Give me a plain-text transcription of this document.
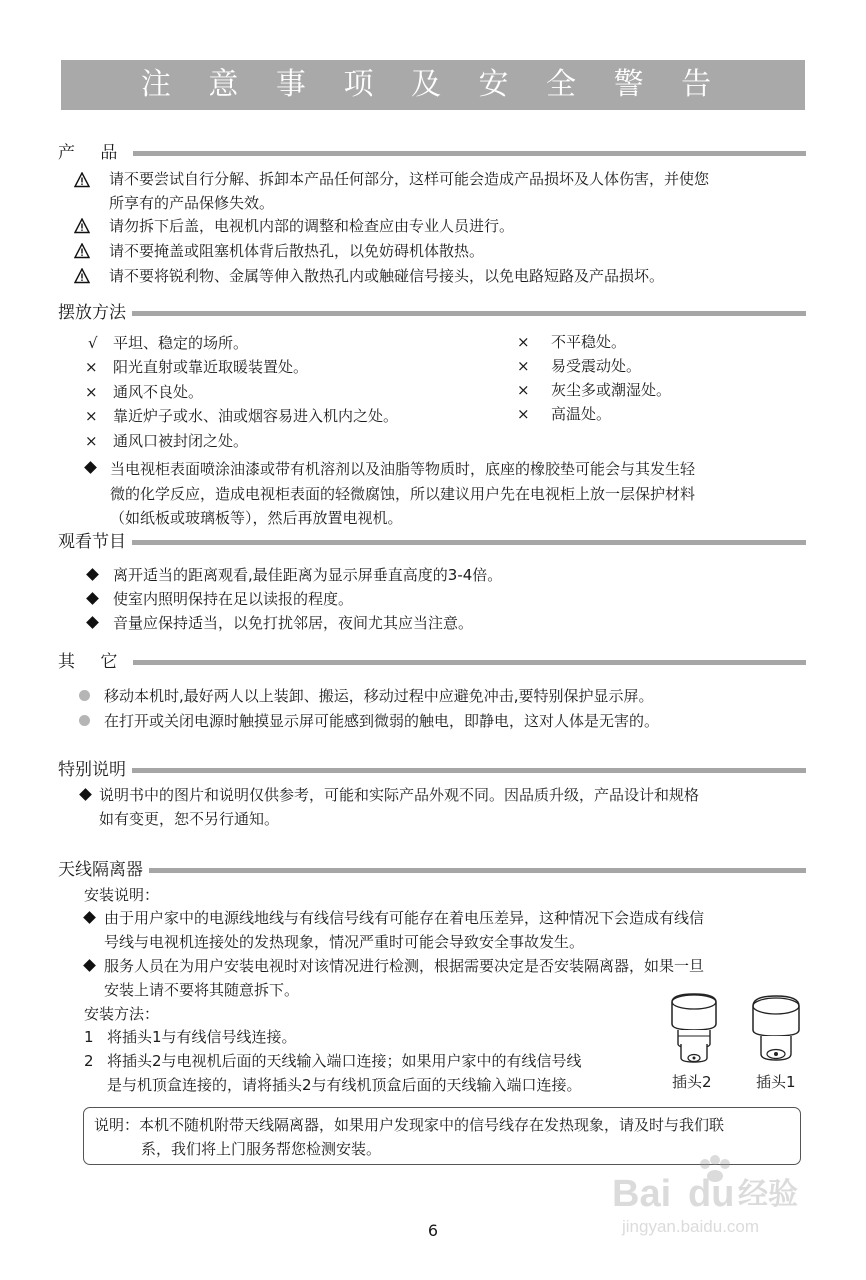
注 意 事 项 及 安 全 警 告
产 品
请不要尝试自行分解、拆卸本产品任何部分，这样可能会造成产品损坏及人体伤害，并使您
所享有的产品保修失效。
请勿拆下后盖，电视机内部的调整和检查应由专业人员进行。
请不要掩盖或阻塞机体背后散热孔，以免妨碍机体散热。
请不要将锐利物、金属等伸入散热孔内或触碰信号接头，以免电路短路及产品损坏。
摆放方法
√ 平坦、稳定的场所。
× 阳光直射或靠近取暖装置处。
× 通风不良处。
× 靠近炉子或水、油或烟容易进入机内之处。
× 通风口被封闭之处。
× 不平稳处。
× 易受震动处。
× 灰尘多或潮湿处。
× 高温处。
当电视柜表面喷涂油漆或带有机溶剂以及油脂等物质时，底座的橡胶垫可能会与其发生轻
微的化学反应，造成电视柜表面的轻微腐蚀，所以建议用户先在电视柜上放一层保护材料
（如纸板或玻璃板等），然后再放置电视机。
观看节目
离开适当的距离观看,最佳距离为显示屏垂直高度的3-4倍。
使室内照明保持在足以读报的程度。
音量应保持适当，以免打扰邻居，夜间尤其应当注意。
其 它
移动本机时,最好两人以上装卸、搬运，移动过程中应避免冲击,要特别保护显示屏。
在打开或关闭电源时触摸显示屏可能感到微弱的触电，即静电，这对人体是无害的。
特别说明
说明书中的图片和说明仅供参考，可能和实际产品外观不同。因品质升级，产品设计和规格
如有变更，恕不另行通知。
天线隔离器
安装说明：
由于用户家中的电源线地线与有线信号线有可能存在着电压差异，这种情况下会造成有线信
号线与电视机连接处的发热现象，情况严重时可能会导致安全事故发生。
服务人员在为用户安装电视时对该情况进行检测，根据需要决定是否安装隔离器，如果一旦
安装上请不要将其随意拆下。
安装方法：
1 将插头1与有线信号线连接。
2 将插头2与电视机后面的天线输入端口连接；如果用户家中的有线信号线
是与机顶盒连接的，请将插头2与有线机顶盒后面的天线输入端口连接。	插头2	插头1
说明：本机不随机附带天线隔离器，如果用户发现家中的信号线存在发热现象，请及时与我们联
系，我们将上门服务帮您检测安装。
Bai du 经验
jingyan.baidu.com
6
